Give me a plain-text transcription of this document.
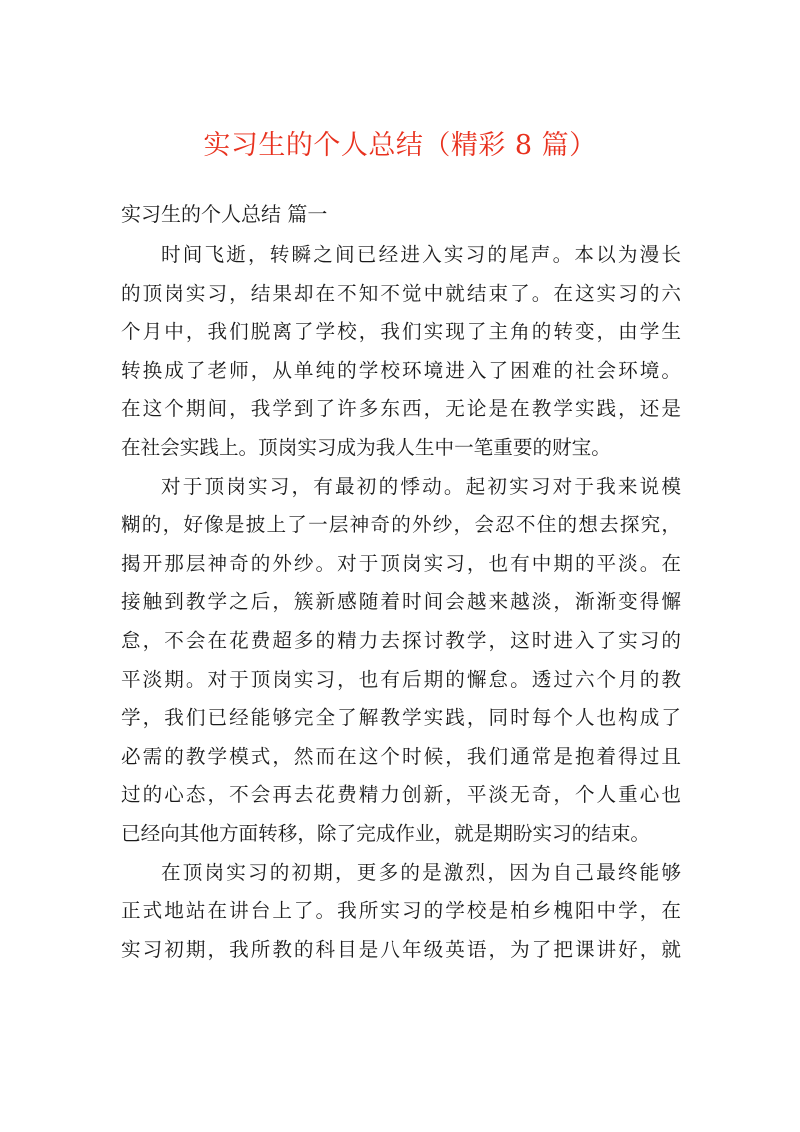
实习生的个人总结（精彩 8 篇）
实习生的个人总结 篇一

时间飞逝，转瞬之间已经进入实习的尾声。本以为漫长
的顶岗实习，结果却在不知不觉中就结束了。在这实习的六
个月中，我们脱离了学校，我们实现了主角的转变，由学生
转换成了老师，从单纯的学校环境进入了困难的社会环境。
在这个期间，我学到了许多东西，无论是在教学实践，还是
在社会实践上。顶岗实习成为我人生中一笔重要的财宝。

对于顶岗实习，有最初的悸动。起初实习对于我来说模
糊的，好像是披上了一层神奇的外纱，会忍不住的想去探究，
揭开那层神奇的外纱。对于顶岗实习，也有中期的平淡。在
接触到教学之后，簇新感随着时间会越来越淡，渐渐变得懈
怠，不会在花费超多的精力去探讨教学，这时进入了实习的
平淡期。对于顶岗实习，也有后期的懈怠。透过六个月的教
学，我们已经能够完全了解教学实践，同时每个人也构成了
必需的教学模式，然而在这个时候，我们通常是抱着得过且
过的心态，不会再去花费精力创新，平淡无奇，个人重心也
已经向其他方面转移，除了完成作业，就是期盼实习的结束。

在顶岗实习的初期，更多的是激烈，因为自己最终能够
正式地站在讲台上了。我所实习的学校是柏乡槐阳中学，在
实习初期，我所教的科目是八年级英语，为了把课讲好，就
